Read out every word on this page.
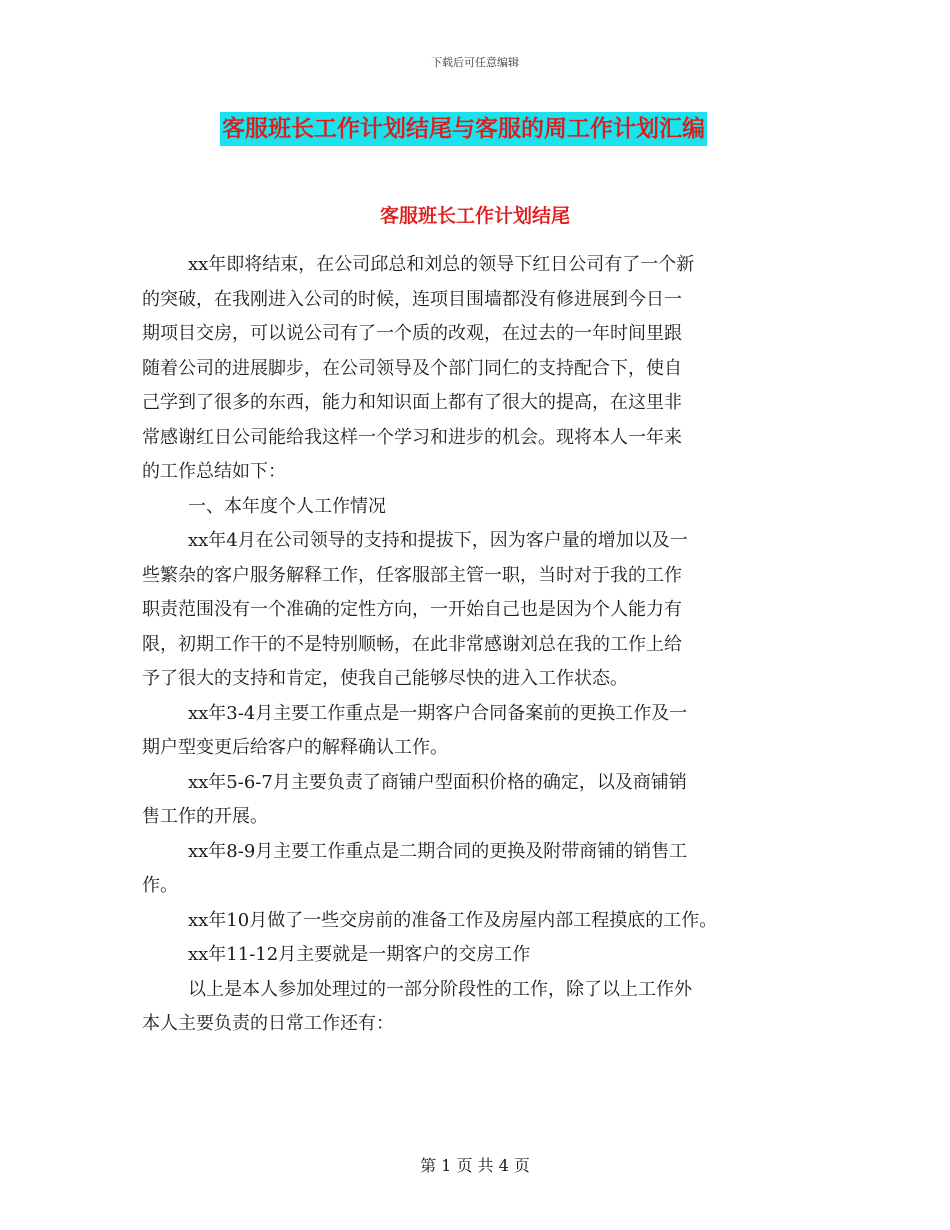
下载后可任意编辑
客服班长工作计划结尾与客服的周工作计划汇编
客服班长工作计划结尾
xx年即将结束，在公司邱总和刘总的领导下红日公司有了一个新
的突破，在我刚进入公司的时候，连项目围墙都没有修进展到今日一
期项目交房，可以说公司有了一个质的改观，在过去的一年时间里跟
随着公司的进展脚步，在公司领导及个部门同仁的支持配合下，使自
己学到了很多的东西，能力和知识面上都有了很大的提高，在这里非
常感谢红日公司能给我这样一个学习和进步的机会。现将本人一年来
的工作总结如下：
一、本年度个人工作情况
xx年4月在公司领导的支持和提拔下，因为客户量的增加以及一
些繁杂的客户服务解释工作，任客服部主管一职，当时对于我的工作
职责范围没有一个准确的定性方向，一开始自己也是因为个人能力有
限，初期工作干的不是特别顺畅，在此非常感谢刘总在我的工作上给
予了很大的支持和肯定，使我自己能够尽快的进入工作状态。
xx年3-4月主要工作重点是一期客户合同备案前的更换工作及一
期户型变更后给客户的解释确认工作。
xx年5-6-7月主要负责了商铺户型面积价格的确定，以及商铺销
售工作的开展。
xx年8-9月主要工作重点是二期合同的更换及附带商铺的销售工
作。
xx年10月做了一些交房前的准备工作及房屋内部工程摸底的工作。
xx年11-12月主要就是一期客户的交房工作
以上是本人参加处理过的一部分阶段性的工作，除了以上工作外
本人主要负责的日常工作还有：
第 1 页 共 4 页
